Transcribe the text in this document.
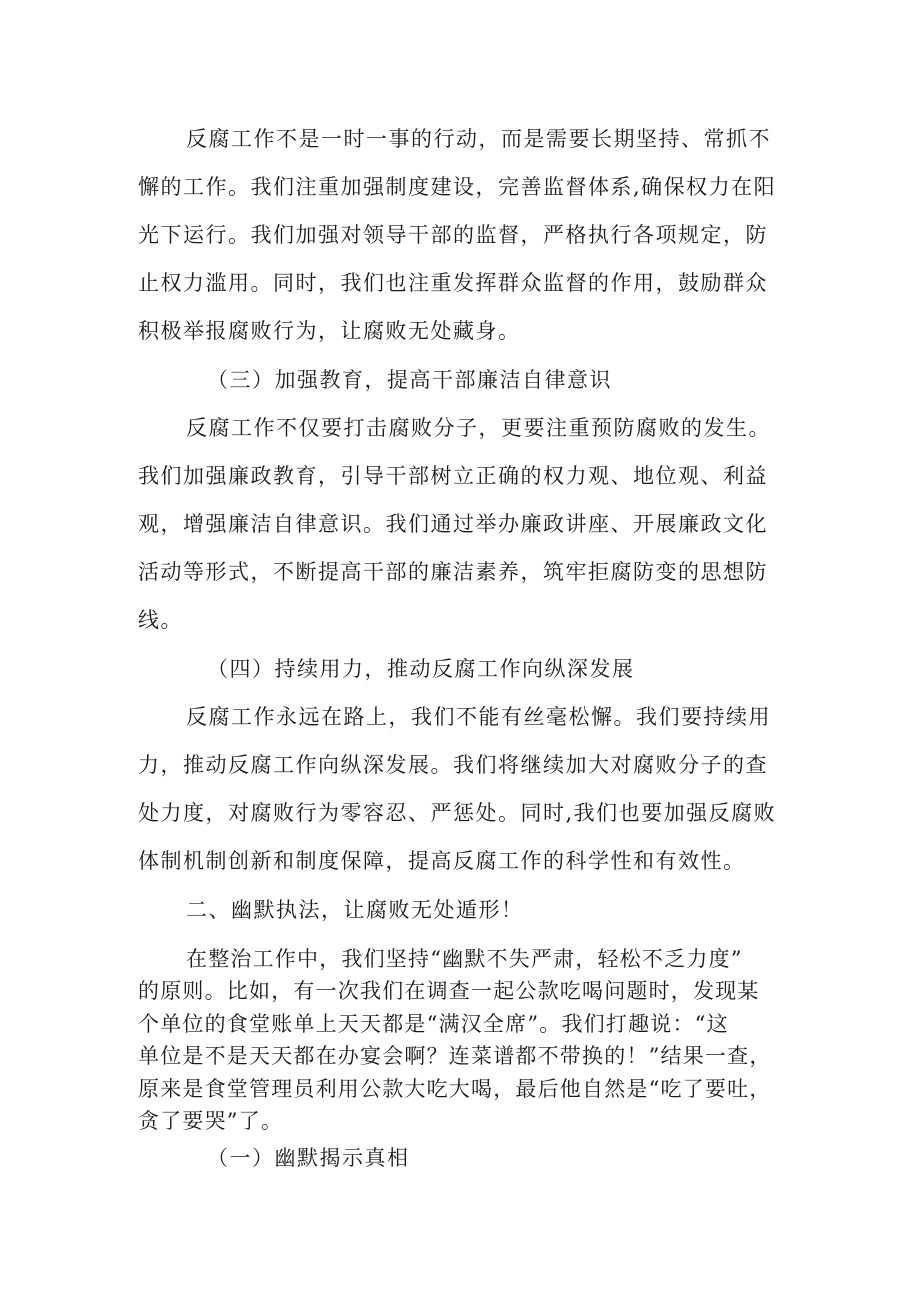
反腐工作不是一时一事的行动，而是需要长期坚持、常抓不
懈的工作。我们注重加强制度建设，完善监督体系,确保权力在阳
光下运行。我们加强对领导干部的监督，严格执行各项规定，防
止权力滥用。同时，我们也注重发挥群众监督的作用，鼓励群众
积极举报腐败行为，让腐败无处藏身。
（三）加强教育，提高干部廉洁自律意识
反腐工作不仅要打击腐败分子，更要注重预防腐败的发生。
我们加强廉政教育，引导干部树立正确的权力观、地位观、利益
观，增强廉洁自律意识。我们通过举办廉政讲座、开展廉政文化
活动等形式，不断提高干部的廉洁素养，筑牢拒腐防变的思想防
线。
（四）持续用力，推动反腐工作向纵深发展
反腐工作永远在路上，我们不能有丝毫松懈。我们要持续用
力，推动反腐工作向纵深发展。我们将继续加大对腐败分子的查
处力度，对腐败行为零容忍、严惩处。同时,我们也要加强反腐败
体制机制创新和制度保障，提高反腐工作的科学性和有效性。
二、幽默执法，让腐败无处遁形！
在整治工作中，我们坚持“幽默不失严肃，轻松不乏力度”
的原则。比如，有一次我们在调查一起公款吃喝问题时，发现某
个单位的食堂账单上天天都是“满汉全席”。我们打趣说：“这
单位是不是天天都在办宴会啊？连菜谱都不带换的！”结果一查，
原来是食堂管理员利用公款大吃大喝，最后他自然是“吃了要吐，
贪了要哭”了。
（一）幽默揭示真相
